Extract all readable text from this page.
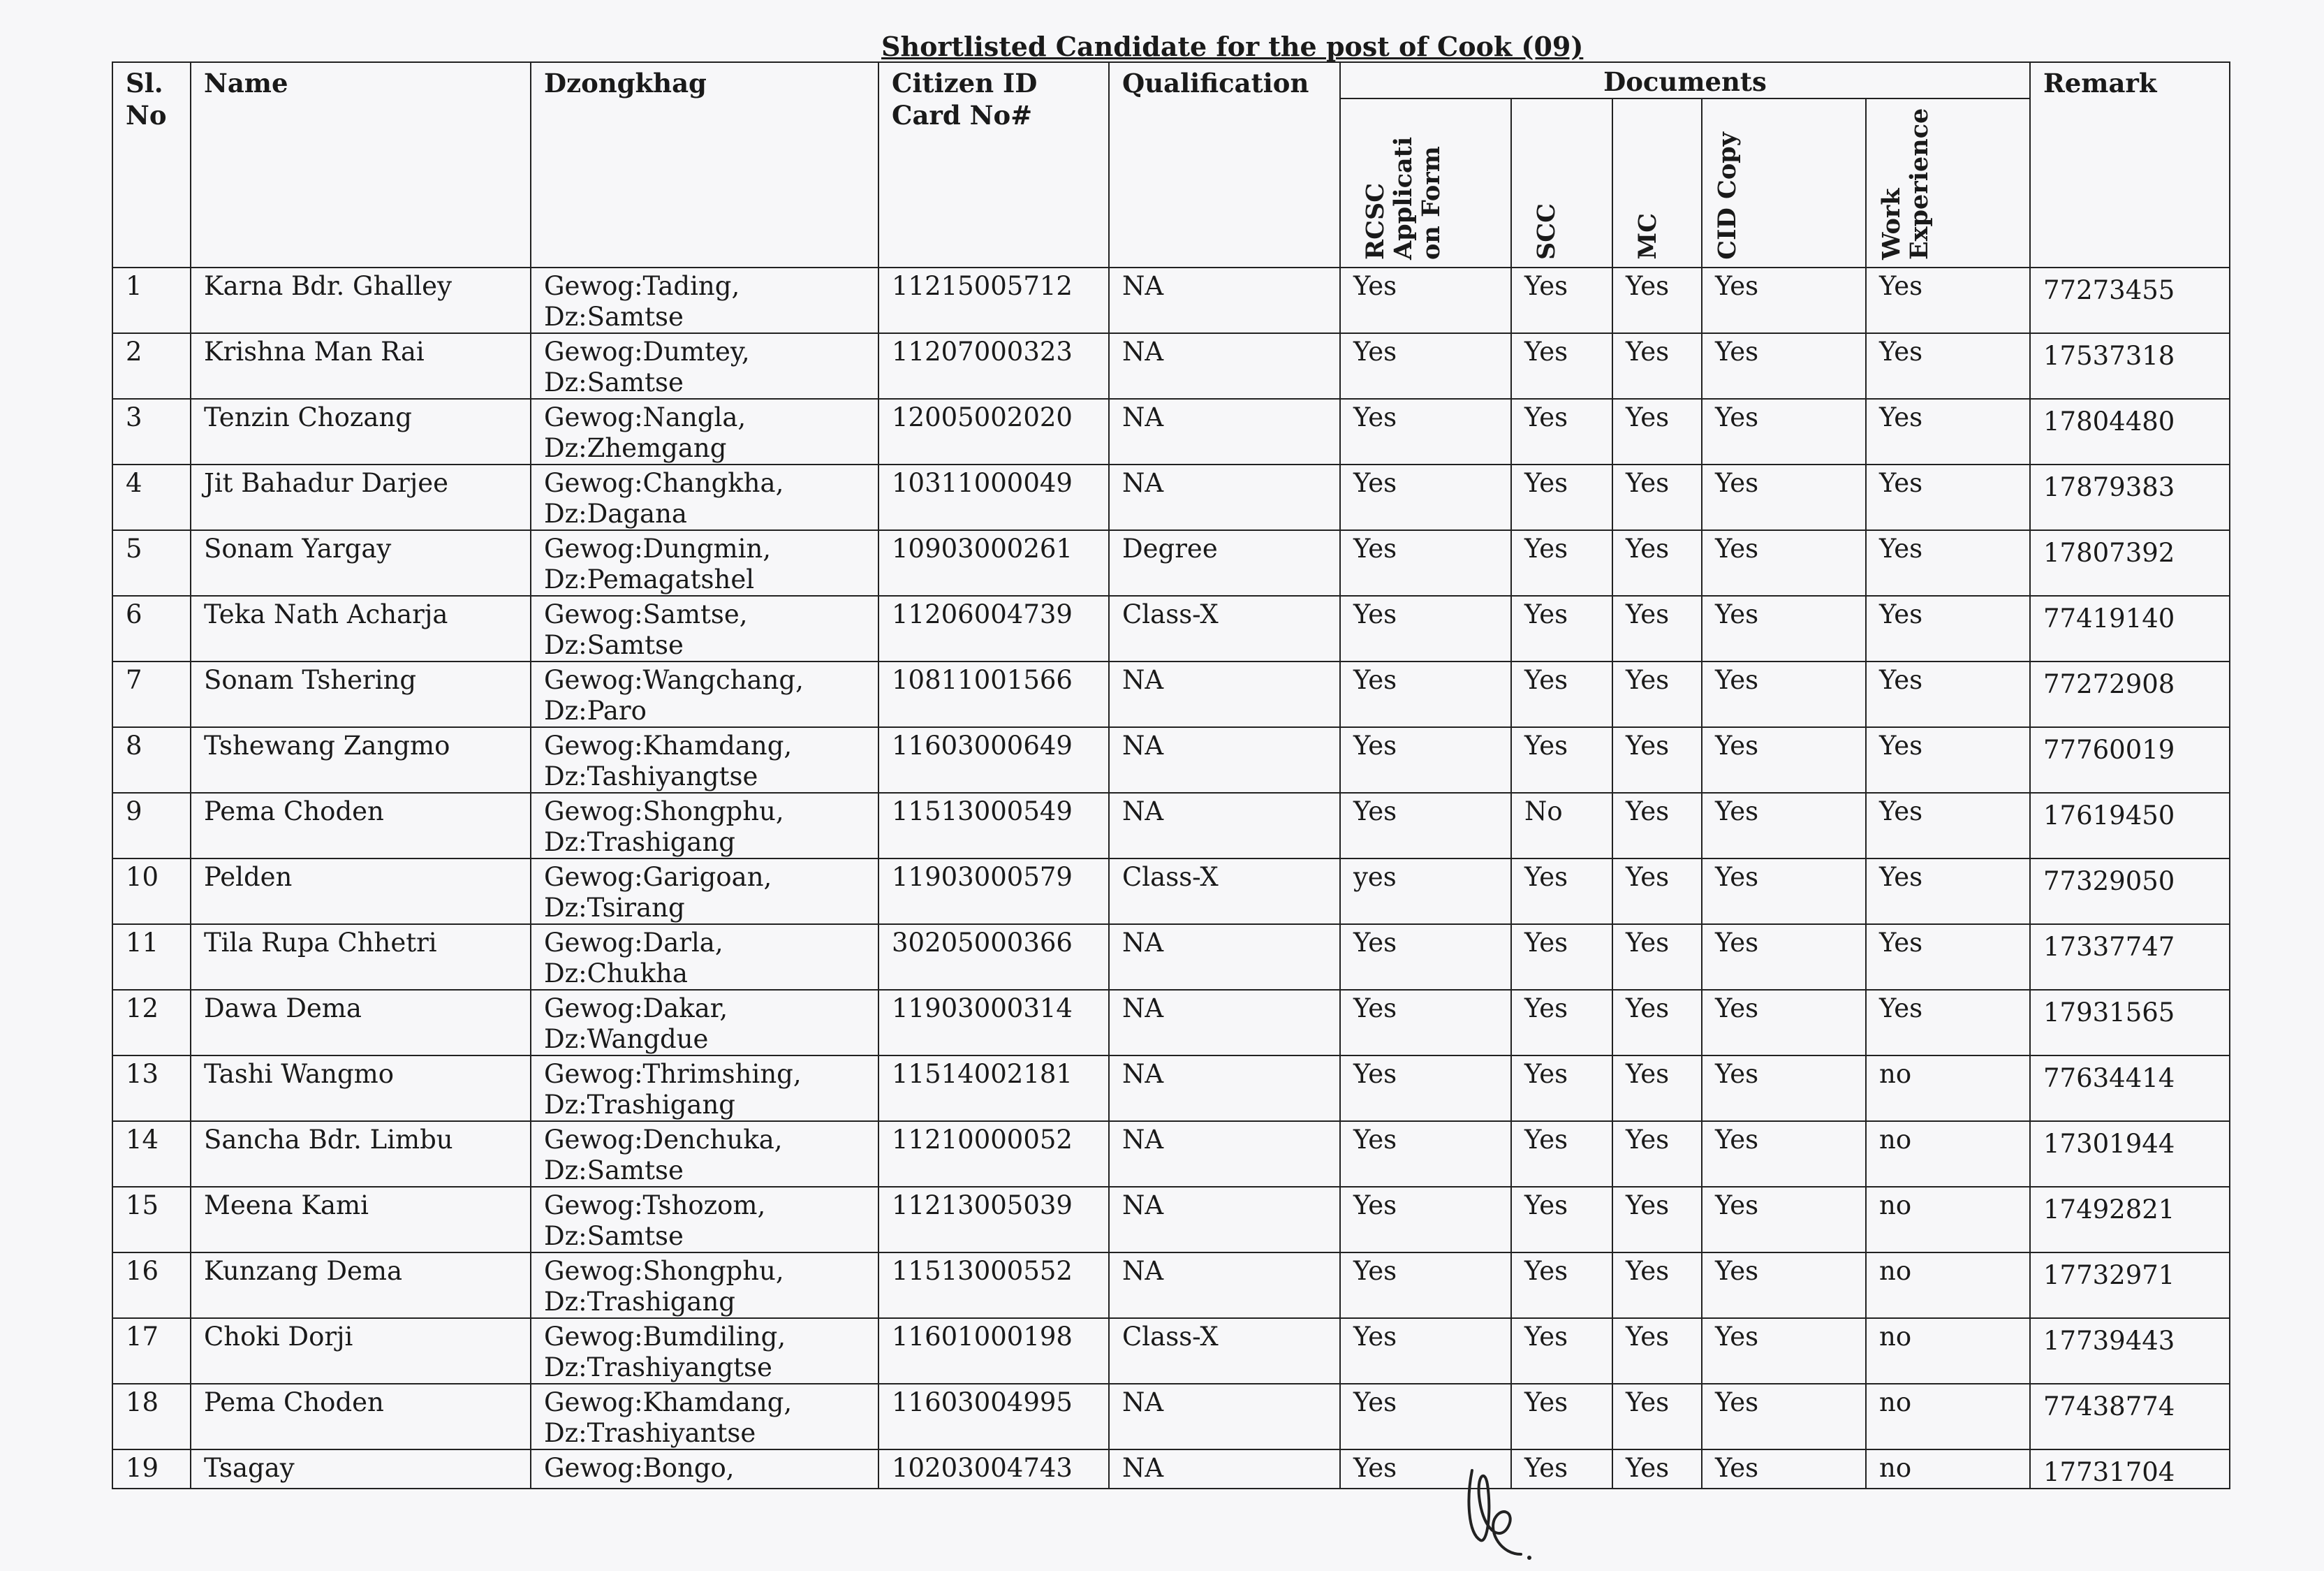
Shortlisted Candidate for the post of Cook (09)
Sl. No	Name	Dzongkhag	Citizen ID Card No#	Qualification	Documents					Remark

					RCSC Applicati on Form	SCC	MC	CID Copy	Work Experience	

1	Karna Bdr. Ghalley	Gewog:Tading,
Dz:Samtse	11215005712	NA	Yes	Yes	Yes	Yes	Yes	77273455
2	Krishna Man Rai	Gewog:Dumtey,
Dz:Samtse	11207000323	NA	Yes	Yes	Yes	Yes	Yes	17537318
3	Tenzin Chozang	Gewog:Nangla,
Dz:Zhemgang	12005002020	NA	Yes	Yes	Yes	Yes	Yes	17804480
4	Jit Bahadur Darjee	Gewog:Changkha,
Dz:Dagana	10311000049	NA	Yes	Yes	Yes	Yes	Yes	17879383
5	Sonam Yargay	Gewog:Dungmin,
Dz:Pemagatshel	10903000261	Degree	Yes	Yes	Yes	Yes	Yes	17807392
6	Teka Nath Acharja	Gewog:Samtse,
Dz:Samtse	11206004739	Class-X	Yes	Yes	Yes	Yes	Yes	77419140
7	Sonam Tshering	Gewog:Wangchang,
Dz:Paro	10811001566	NA	Yes	Yes	Yes	Yes	Yes	77272908
8	Tshewang Zangmo	Gewog:Khamdang,
Dz:Tashiyangtse	11603000649	NA	Yes	Yes	Yes	Yes	Yes	77760019
9	Pema Choden	Gewog:Shongphu,
Dz:Trashigang	11513000549	NA	Yes	No	Yes	Yes	Yes	17619450
10	Pelden	Gewog:Garigoan,
Dz:Tsirang	11903000579	Class-X	yes	Yes	Yes	Yes	Yes	77329050
11	Tila Rupa Chhetri	Gewog:Darla,
Dz:Chukha	30205000366	NA	Yes	Yes	Yes	Yes	Yes	17337747
12	Dawa Dema	Gewog:Dakar,
Dz:Wangdue	11903000314	NA	Yes	Yes	Yes	Yes	Yes	17931565
13	Tashi Wangmo	Gewog:Thrimshing,
Dz:Trashigang	11514002181	NA	Yes	Yes	Yes	Yes	no	77634414
14	Sancha Bdr. Limbu	Gewog:Denchuka,
Dz:Samtse	11210000052	NA	Yes	Yes	Yes	Yes	no	17301944
15	Meena Kami	Gewog:Tshozom,
Dz:Samtse	11213005039	NA	Yes	Yes	Yes	Yes	no	17492821
16	Kunzang Dema	Gewog:Shongphu,
Dz:Trashigang	11513000552	NA	Yes	Yes	Yes	Yes	no	17732971
17	Choki Dorji	Gewog:Bumdiling,
Dz:Trashiyangtse	11601000198	Class-X	Yes	Yes	Yes	Yes	no	17739443
18	Pema Choden	Gewog:Khamdang,
Dz:Trashiyantse	11603004995	NA	Yes	Yes	Yes	Yes	no	77438774
19	Tsagay	Gewog:Bongo,	10203004743	NA	Yes	Yes	Yes	Yes	no	17731704
